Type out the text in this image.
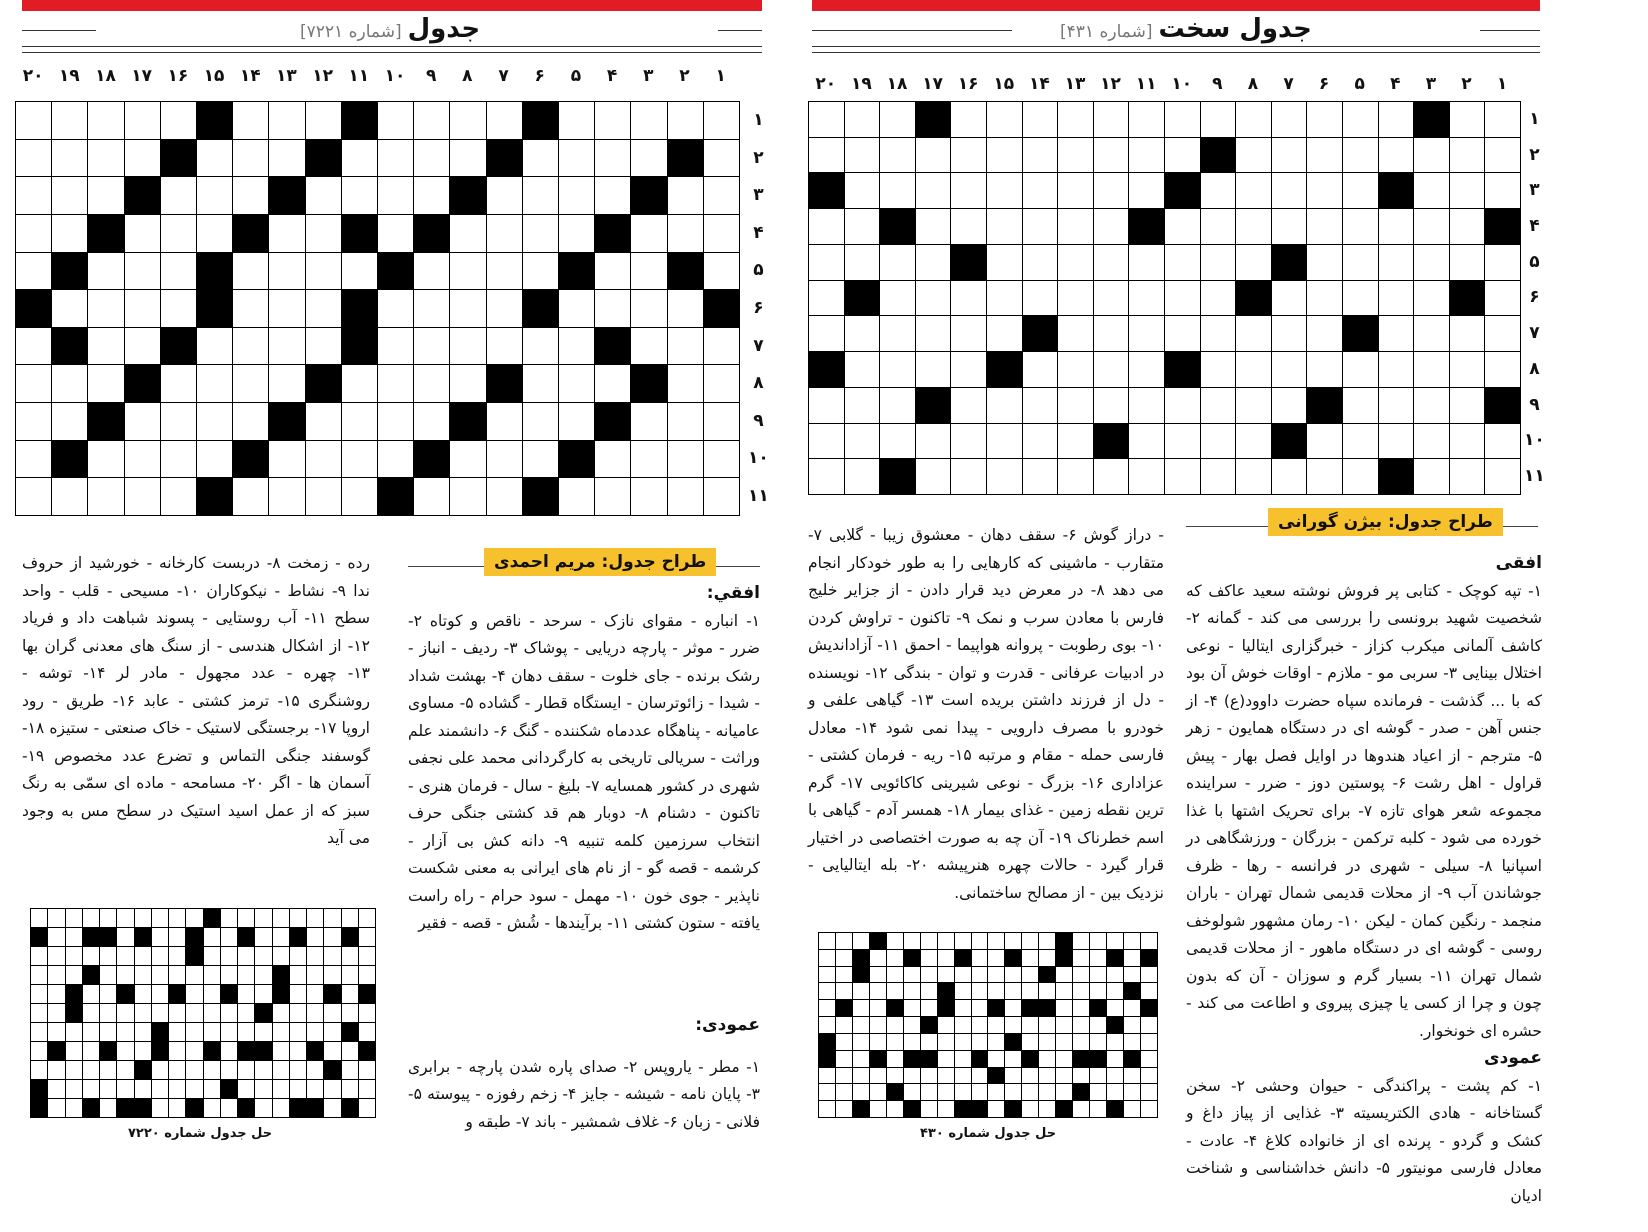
جدول[شماره ۷۲۲۱]
۲۰ ۱۹ ۱۸ ۱۷ ۱۶ ۱۵ ۱۴ ۱۳ ۱۲ ۱۱ ۱۰	۹	۸	۷	۶	۵	۴	۳	۲	۱
۱
۲
۳
۴
۵
۶
۷
۸
۹
۱۰
۱۱
طراح جدول: مریم احمدی
افقي:

۱- انباره - مقوای نازک - سرحد - ناقص و کوتاه ۲- ضرر - موثر - پارچه دریایی - پوشاک ۳- ردیف - انباز - رشک برنده - جای خلوت - سقف دهان ۴- بهشت شداد - شیدا - زائوترسان - ایستگاه قطار - گشاده ۵- مساوی عامیانه - پناهگاه عددماه شکننده - گنگ ۶- دانشمند علم وراثت - سریالی تاریخی به کارگردانی محمد علی نجفی شهری در کشور همسایه ۷- بلیغ - سال - فرمان هنری - تاکنون - دشنام ۸- دوبار هم قد کشتی جنگی حرف انتخاب سرزمین کلمه تنبیه ۹- دانه کش بی آزار - کرشمه - قصه گو - از نام های ایرانی به معنی شکست ناپذیر - جوی خون ۱۰- مهمل - سود حرام - راه راست یافته - ستون کشتی ۱۱- برآیندها - شُش - قصه - فقیر

رده - زمخت ۸- دربست کارخانه - خورشید از حروف ندا ۹- نشاط - نیکوکاران ۱۰- مسیحی - قلب - واحد سطح ۱۱- آب روستایی - پسوند شباهت داد و فریاد ۱۲- از اشکال هندسی - از سنگ های معدنی گران بها ۱۳- چهره - عدد مجهول - مادر لر ۱۴- توشه - روشنگری ۱۵- ترمز کشتی - عابد ۱۶- طریق - رود اروپا ۱۷- برجستگی لاستیک - خاک صنعتی - ستیزه ۱۸- گوسفند جنگی التماس و تضرع عدد مخصوص ۱۹- آسمان ها - اگر ۲۰- مسامحه - ماده ای سمّی به رنگ سبز که از عمل اسید استیک در سطح مس به وجود می آید

عمودی:

۱- مطر - یاروپس ۲- صدای پاره شدن پارچه - برابری ۳- پایان نامه - شیشه - جایز ۴- زخم رفوزه - پیوسته ۵- فلانی - زبان ۶- غلاف شمشیر - باند ۷- طبقه و

حل جدول شماره ۷۲۲۰
جدول سخت[شماره ۴۳۱]
۲۰ ۱۹ ۱۸ ۱۷ ۱۶ ۱۵ ۱۴ ۱۳ ۱۲ ۱۱ ۱۰	۹	۸	۷	۶	۵	۴	۳	۲	۱
۱
۲
۳
۴
۵
۶
۷
۸
۹
۱۰
۱۱
طراح جدول: بیژن گورانی
افقی

۱- تپه کوچک - کتابی پر فروش نوشته سعید عاکف که شخصیت شهید برونسی را بررسی می کند - گمانه ۲- کاشف آلمانی میکرب کزاز - خبرگزاری ایتالیا - نوعی اختلال بینایی ۳- سربی مو - ملازم - اوقات خوش آن بود که با ... گذشت - فرمانده سپاه حضرت داوود(ع) ۴- از جنس آهن - صدر - گوشه ای در دستگاه همایون - زهر ۵- مترجم - از اعیاد هندوها در اوایل فصل بهار - پیش قراول - اهل رشت ۶- پوستین دوز - ضرر - سراینده مجموعه شعر هوای تازه ۷- برای تحریک اشتها با غذا خورده می شود - کلبه ترکمن - بزرگان - ورزشگاهی در اسپانیا ۸- سیلی - شهری در فرانسه - رها - ظرف جوشاندن آب ۹- از محلات قدیمی شمال تهران - باران منجمد - رنگین کمان - لیکن ۱۰- رمان مشهور شولوخف روسی - گوشه ای در دستگاه ماهور - از محلات قدیمی شمال تهران ۱۱- بسیار گرم و سوزان - آن که بدون چون و چرا از کسی یا چیزی پیروی و اطاعت می کند - حشره ای خونخوار.

عمودی

۱- کم پشت - پراکندگی - حیوان وحشی ۲- سخن گستاخانه - هادی الکتریسیته ۳- غذایی از پیاز داغ و کشک و گردو - پرنده ای از خانواده کلاغ ۴- عادت - معادل فارسی مونیتور ۵- دانش خداشناسی و شناخت ادیان

- دراز گوش ۶- سقف دهان - معشوق زیبا - گلابی ۷- متقارب - ماشینی که کارهایی را به طور خودکار انجام می دهد ۸- در معرض دید قرار دادن - از جزایر خلیج فارس با معادن سرب و نمک ۹- تاکنون - تراوش کردن ۱۰- بوی رطوبت - پروانه هواپیما - احمق ۱۱- آزاداندیش در ادبیات عرفانی - قدرت و توان - بندگی ۱۲- نویسنده - دل از فرزند داشتن بریده است ۱۳- گیاهی علفی و خودرو با مصرف دارویی - پیدا نمی شود ۱۴- معادل فارسی حمله - مقام و مرتبه ۱۵- ریه - فرمان کشتی - عزاداری ۱۶- بزرگ - نوعی شیرینی کاکائویی ۱۷- گرم ترین نقطه زمین - غذای بیمار ۱۸- همسر آدم - گیاهی با اسم خطرناک ۱۹- آن چه به صورت اختصاصی در اختیار قرار گیرد - حالات چهره هنرپیشه ۲۰- بله ایتالیایی - نزدیک بین - از مصالح ساختمانی.

حل جدول شماره ۴۳۰
